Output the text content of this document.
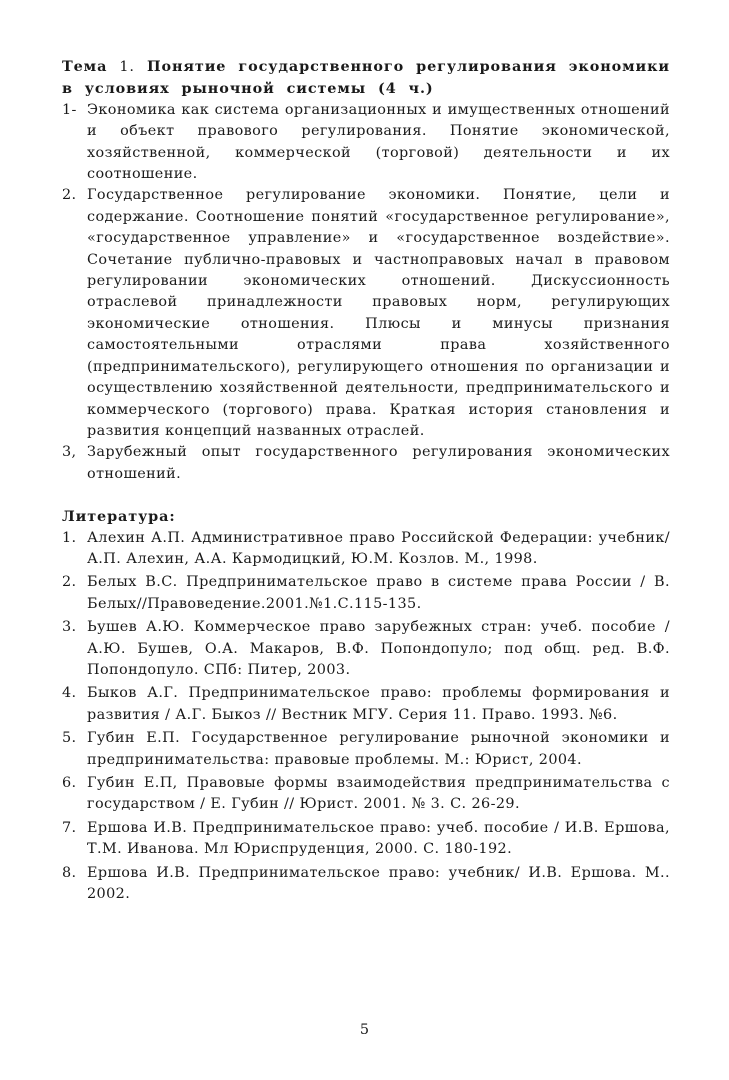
Тема 1. Понятие государственного регулирования экономики в условиях рыночной системы (4 ч.)

1- Экономика как система организационных и имущественных отношений и объект правового регулирования. Понятие экономической, хозяйственной, коммерческой (торговой) деятельности и их соотношение.
2. Государственное регулирование экономики. Понятие, цели и содержание. Соотношение понятий «государственное регулирование», «государственное управление» и «государственное воздействие». Сочетание публично-правовых и частноправовых начал в правовом регулировании экономических отношений. Дискуссионность отраслевой принадлежности правовых норм, регулирующих экономические отношения. Плюсы и минусы признания самостоятельными отраслями права хозяйственного (предпринимательского), регулирующего отношения по организации и осуществлению хозяйственной деятельности, предпринимательского и коммерческого (торгового) права. Краткая история становления и развития концепций названных отраслей.
3, Зарубежный опыт государственного регулирования экономических отношений.

Литература:

1. Алехин А.П. Административное право Российской Федерации: учебник/ А.П. Алехин, А.А. Кармодицкий, Ю.М. Козлов. М., 1998.
2. Белых В.С. Предпринимательское право в системе права России / В. Белых//Правоведение.2001.№1.С.115-135.
3. Ьушев А.Ю. Коммерческое право зарубежных стран: учеб. пособие / А.Ю. Бушев, О.А. Макаров, В.Ф. Попондопуло; под общ. ред. В.Ф. Попондопуло. СПб: Питер, 2003.
4. Быков А.Г. Предпринимательское право: проблемы формирования и развития / А.Г. Быкоз // Вестник МГУ. Серия 11. Право. 1993. №6.
5. Губин Е.П. Государственное регулирование рыночной экономики и предпринимательства: правовые проблемы. М.: Юрист, 2004.
6. Губин Е.П, Правовые формы взаимодействия предпринимательства с государством / Е. Губин // Юрист. 2001. № 3. С. 26-29.
7. Ершова И.В. Предпринимательское право: учеб. пособие / И.В. Ершова, Т.М. Иванова. Мл Юриспруденция, 2000. С. 180-192.
8. Ершова И.В. Предпринимательское право: учебник/ И.В. Ершова. М.. 2002.
5
